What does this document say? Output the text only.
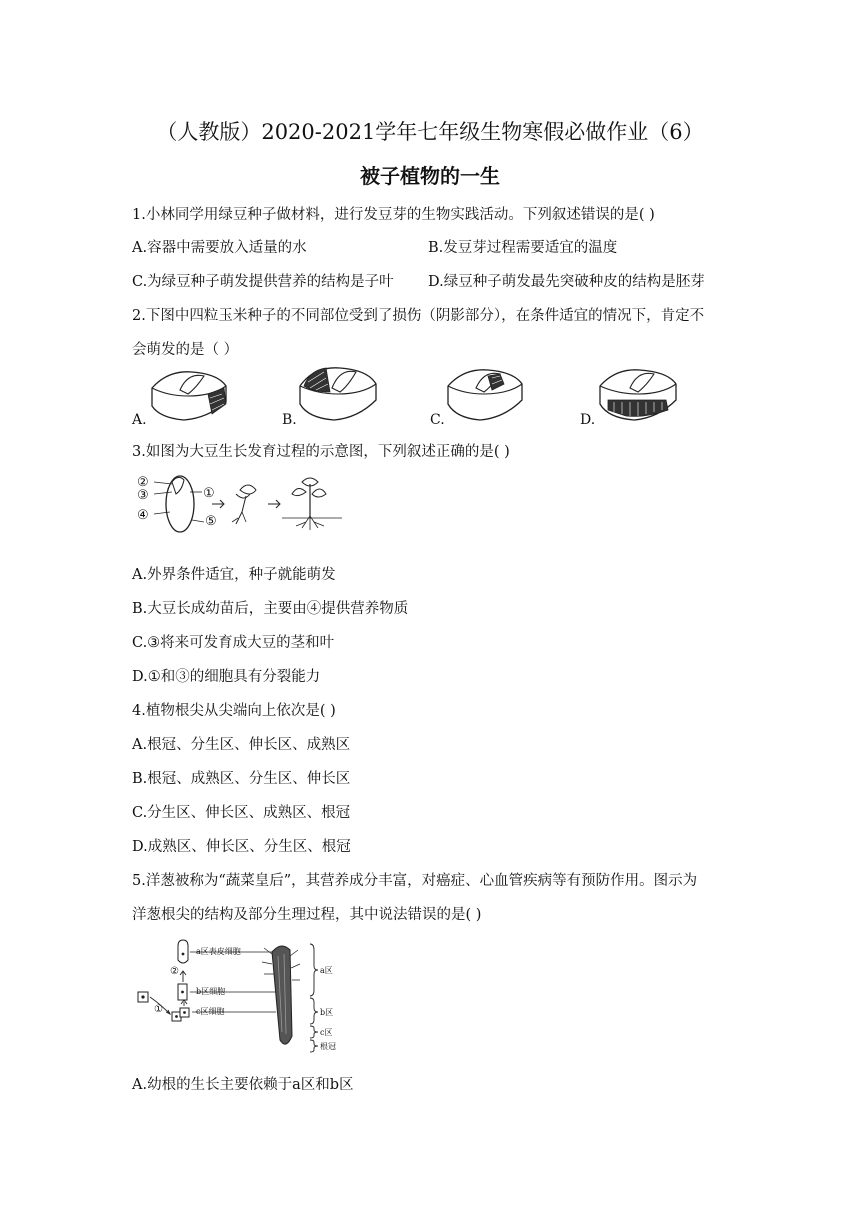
（人教版）2020-2021学年七年级生物寒假必做作业（6）
被子植物的一生
1.小林同学用绿豆种子做材料，进行发豆芽的生物实践活动。下列叙述错误的是( )
A.容器中需要放入适量的水	B.发豆芽过程需要适宜的温度
C.为绿豆种子萌发提供营养的结构是子叶 D.绿豆种子萌发最先突破种皮的结构是胚芽
2.下图中四粒玉米种子的不同部位受到了损伤（阴影部分），在条件适宜的情况下，肯定不
会萌发的是（ ）
A.	B.	C.	D.
3.如图为大豆生长发育过程的示意图，下列叙述正确的是( )
②
③
④
①
⑤
A.外界条件适宜，种子就能萌发
B.大豆长成幼苗后，主要由④提供营养物质
C.③将来可发育成大豆的茎和叶
D.①和③的细胞具有分裂能力
4.植物根尖从尖端向上依次是( )
A.根冠、分生区、伸长区、成熟区
B.根冠、成熟区、分生区、伸长区
C.分生区、伸长区、成熟区、根冠
D.成熟区、伸长区、分生区、根冠
5.洋葱被称为“蔬菜皇后”，其营养成分丰富，对癌症、心血管疾病等有预防作用。图示为
洋葱根尖的结构及部分生理过程，其中说法错误的是( )
a区表皮细胞
b区细胞
c区细胞
a区
b区
c区
根冠
①
②
A.幼根的生长主要依赖于a区和b区
